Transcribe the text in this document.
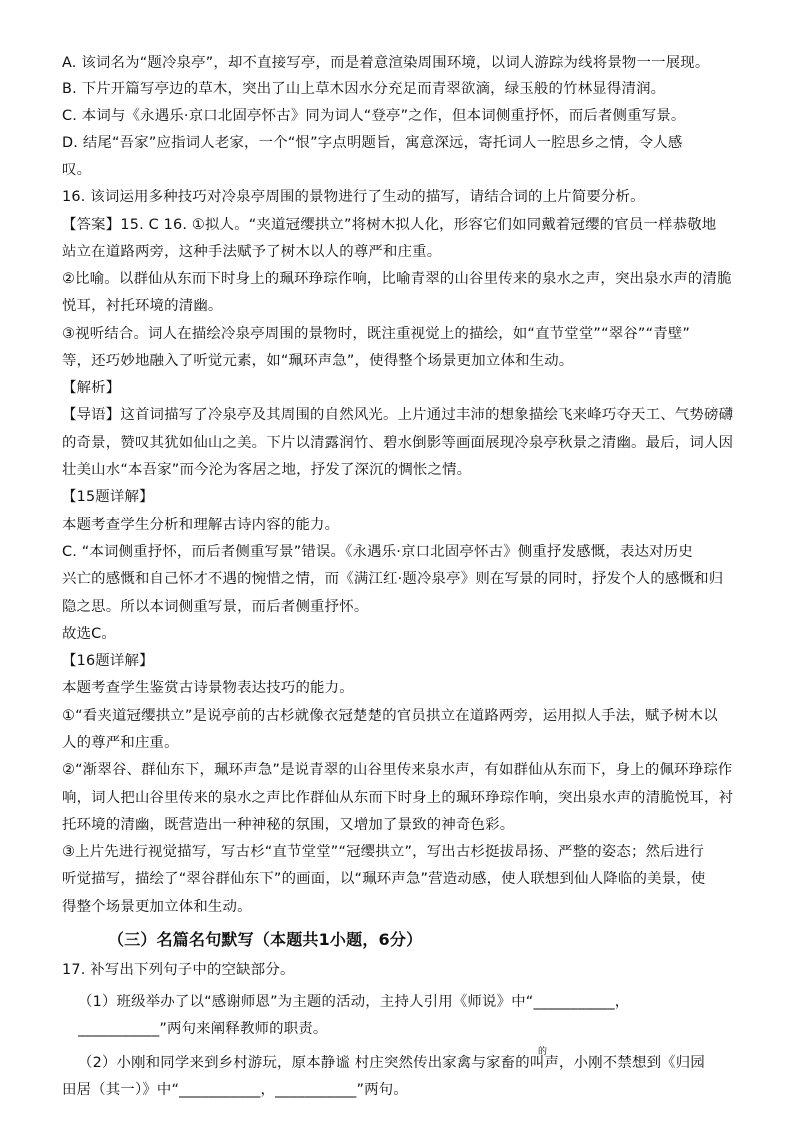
A. 该词名为“题冷泉亭”，却不直接写亭，而是着意渲染周围环境，以词人游踪为线将景物一一展现。
B. 下片开篇写亭边的草木，突出了山上草木因水分充足而青翠欲滴，绿玉般的竹林显得清润。
C. 本词与《永遇乐·京口北固亭怀古》同为词人“登亭”之作，但本词侧重抒怀，而后者侧重写景。
D. 结尾“吾家”应指词人老家，一个“恨”字点明题旨，寓意深远，寄托词人一腔思乡之情，令人感
叹。
16. 该词运用多种技巧对冷泉亭周围的景物进行了生动的描写，请结合词的上片简要分析。
【答案】15. C 16. ①拟人。“夹道冠缨拱立”将树木拟人化，形容它们如同戴着冠缨的官员一样恭敬地
站立在道路两旁，这种手法赋予了树木以人的尊严和庄重。
②比喻。以群仙从东而下时身上的珮环琤琮作响，比喻青翠的山谷里传来的泉水之声，突出泉水声的清脆
悦耳，衬托环境的清幽。
③视听结合。词人在描绘冷泉亭周围的景物时，既注重视觉上的描绘，如“直节堂堂”“翠谷”“青壁”
等，还巧妙地融入了听觉元素，如“珮环声急”，使得整个场景更加立体和生动。
【解析】
【导语】这首词描写了冷泉亭及其周围的自然风光。上片通过丰沛的想象描绘飞来峰巧夺天工、气势磅礴
的奇景，赞叹其犹如仙山之美。下片以清露润竹、碧水倒影等画面展现冷泉亭秋景之清幽。最后，词人因
壮美山水“本吾家”而今沦为客居之地，抒发了深沉的惆怅之情。
【15题详解】
本题考查学生分析和理解古诗内容的能力。
C. “本词侧重抒怀，而后者侧重写景”错误。《永遇乐·京口北固亭怀古》侧重抒发感慨，表达对历史
兴亡的感慨和自己怀才不遇的惋惜之情，而《满江红·题冷泉亭》则在写景的同时，抒发个人的感慨和归
隐之思。所以本词侧重写景，而后者侧重抒怀。
故选C。
【16题详解】
本题考查学生鉴赏古诗景物表达技巧的能力。
①“看夹道冠缨拱立”是说亭前的古杉就像衣冠楚楚的官员拱立在道路两旁，运用拟人手法，赋予树木以
人的尊严和庄重。
②“渐翠谷、群仙东下，珮环声急”是说青翠的山谷里传来泉水声，有如群仙从东而下，身上的佩环琤琮作
响，词人把山谷里传来的泉水之声比作群仙从东而下时身上的珮环琤琮作响，突出泉水声的清脆悦耳，衬
托环境的清幽，既营造出一种神秘的氛围，又增加了景致的神奇色彩。
③上片先进行视觉描写，写古杉“直节堂堂”“冠缨拱立”，写出古杉挺拔昂扬、严整的姿态；然后进行
听觉描写，描绘了“翠谷群仙东下”的画面，以“珮环声急”营造动感，使人联想到仙人降临的美景，使
得整个场景更加立体和生动。
（三）名篇名句默写（本题共1小题，6分）
17. 补写出下列句子中的空缺部分。
（1）班级举办了以“感谢师恩”为主题的活动，主持人引用《师说》中“___________，
___________”两句来阐释教师的职责。
（2）小刚和同学来到乡村游玩，原本静谧 村庄突然传出家禽与家畜的叫声，小刚不禁想到《归园
的
田居（其一）》中“___________，___________”两句。
